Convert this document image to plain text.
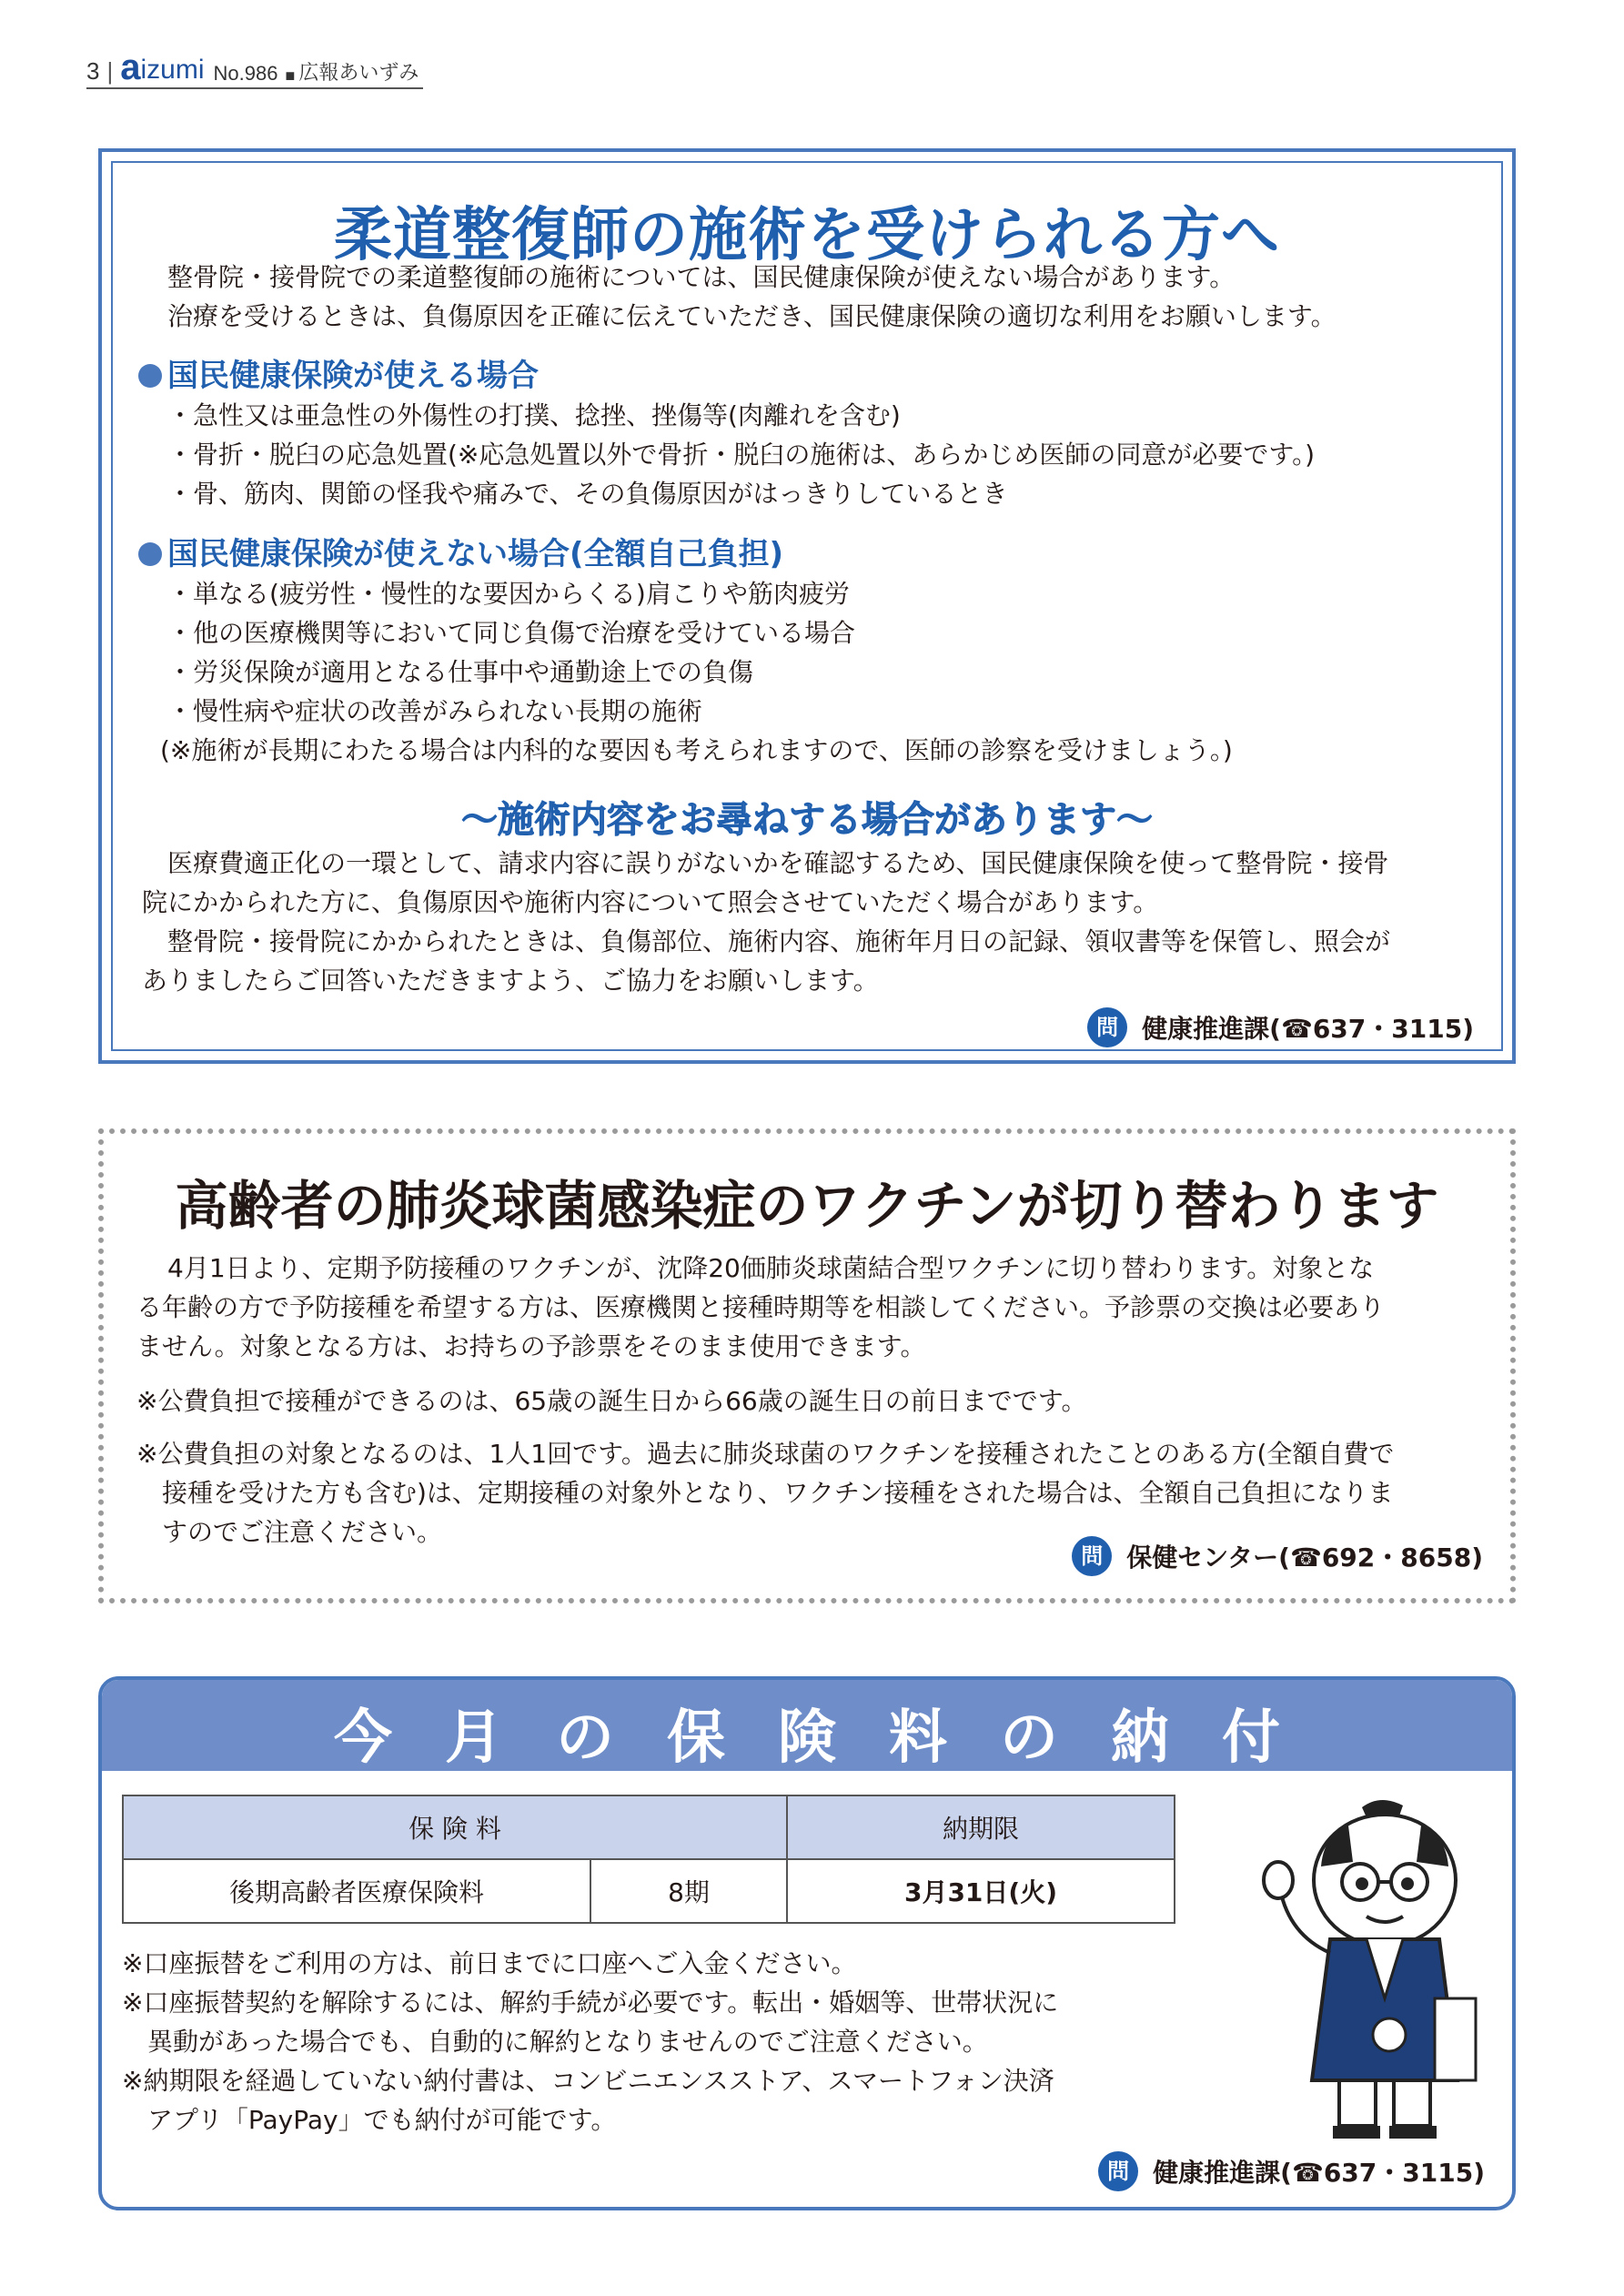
3 | a izumi No.986 ■ 広報あいずみ
柔道整復師の施術を受けられる方へ
整骨院・接骨院での柔道整復師の施術については、国民健康保険が使えない場合があります。
治療を受けるときは、負傷原因を正確に伝えていただき、国民健康保険の適切な利用をお願いします。
国民健康保険が使える場合
・急性又は亜急性の外傷性の打撲、捻挫、挫傷等(肉離れを含む)
・骨折・脱臼の応急処置(※応急処置以外で骨折・脱臼の施術は、あらかじめ医師の同意が必要です。)
・骨、筋肉、関節の怪我や痛みで、その負傷原因がはっきりしているとき
国民健康保険が使えない場合(全額自己負担)
・単なる(疲労性・慢性的な要因からくる)肩こりや筋肉疲労
・他の医療機関等において同じ負傷で治療を受けている場合
・労災保険が適用となる仕事中や通勤途上での負傷
・慢性病や症状の改善がみられない長期の施術
(※施術が長期にわたる場合は内科的な要因も考えられますので、医師の診察を受けましょう。)
〜施術内容をお尋ねする場合があります〜
医療費適正化の一環として、請求内容に誤りがないかを確認するため、国民健康保険を使って整骨院・接骨
院にかかられた方に、負傷原因や施術内容について照会させていただく場合があります。
整骨院・接骨院にかかられたときは、負傷部位、施術内容、施術年月日の記録、領収書等を保管し、照会が
ありましたらご回答いただきますよう、ご協力をお願いします。
問 健康推進課(☎637・3115)
高齢者の肺炎球菌感染症のワクチンが切り替わります
4月1日より、定期予防接種のワクチンが、沈降20価肺炎球菌結合型ワクチンに切り替わります。対象とな
る年齢の方で予防接種を希望する方は、医療機関と接種時期等を相談してください。予診票の交換は必要あり
ません。対象となる方は、お持ちの予診票をそのまま使用できます。
※公費負担で接種ができるのは、65歳の誕生日から66歳の誕生日の前日までです。
※公費負担の対象となるのは、1人1回です。過去に肺炎球菌のワクチンを接種されたことのある方(全額自費で
接種を受けた方も含む)は、定期接種の対象外となり、ワクチン接種をされた場合は、全額自己負担になりま
すのでご注意ください。
問 保健センター(☎692・8658)
今月の保険料の納付
保 険 料		納期限
後期高齢者医療保険料	8期	3月31日(火)
※口座振替をご利用の方は、前日までに口座へご入金ください。
※口座振替契約を解除するには、解約手続が必要です。転出・婚姻等、世帯状況に
異動があった場合でも、自動的に解約となりませんのでご注意ください。
※納期限を経過していない納付書は、コンビニエンスストア、スマートフォン決済
アプリ「PayPay」でも納付が可能です。
問 健康推進課(☎637・3115)
